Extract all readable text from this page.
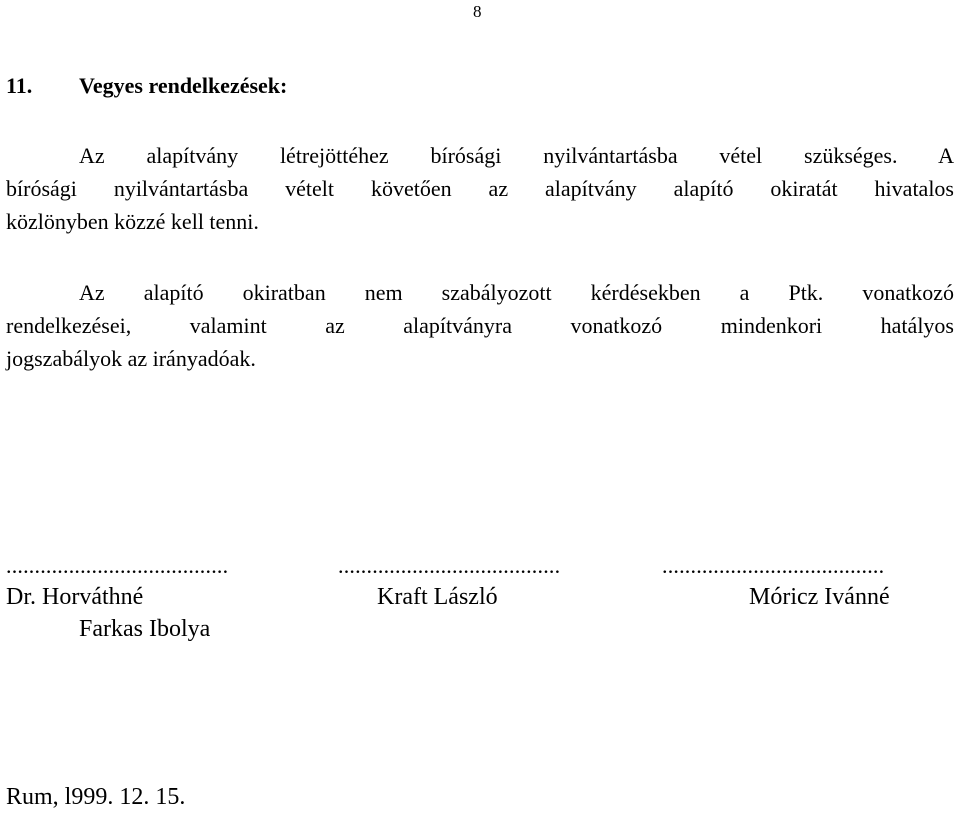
8
11. Vegyes rendelkezések:
Az alapítvány létrejöttéhez bírósági nyilvántartásba vétel szükséges. A
bírósági nyilvántartásba vételt követően az alapítvány alapító okiratát hivatalos
közlönyben közzé kell tenni.
Az alapító okiratban nem szabályozott kérdésekben a Ptk. vonatkozó
rendelkezései, valamint az alapítványra vonatkozó mindenkori hatályos
jogszabályok az irányadóak.
.......................................	.......................................	.......................................
Dr. Horváthné	Kraft László	Móricz Ivánné
Farkas Ibolya
Rum, l999. 12. 15.
